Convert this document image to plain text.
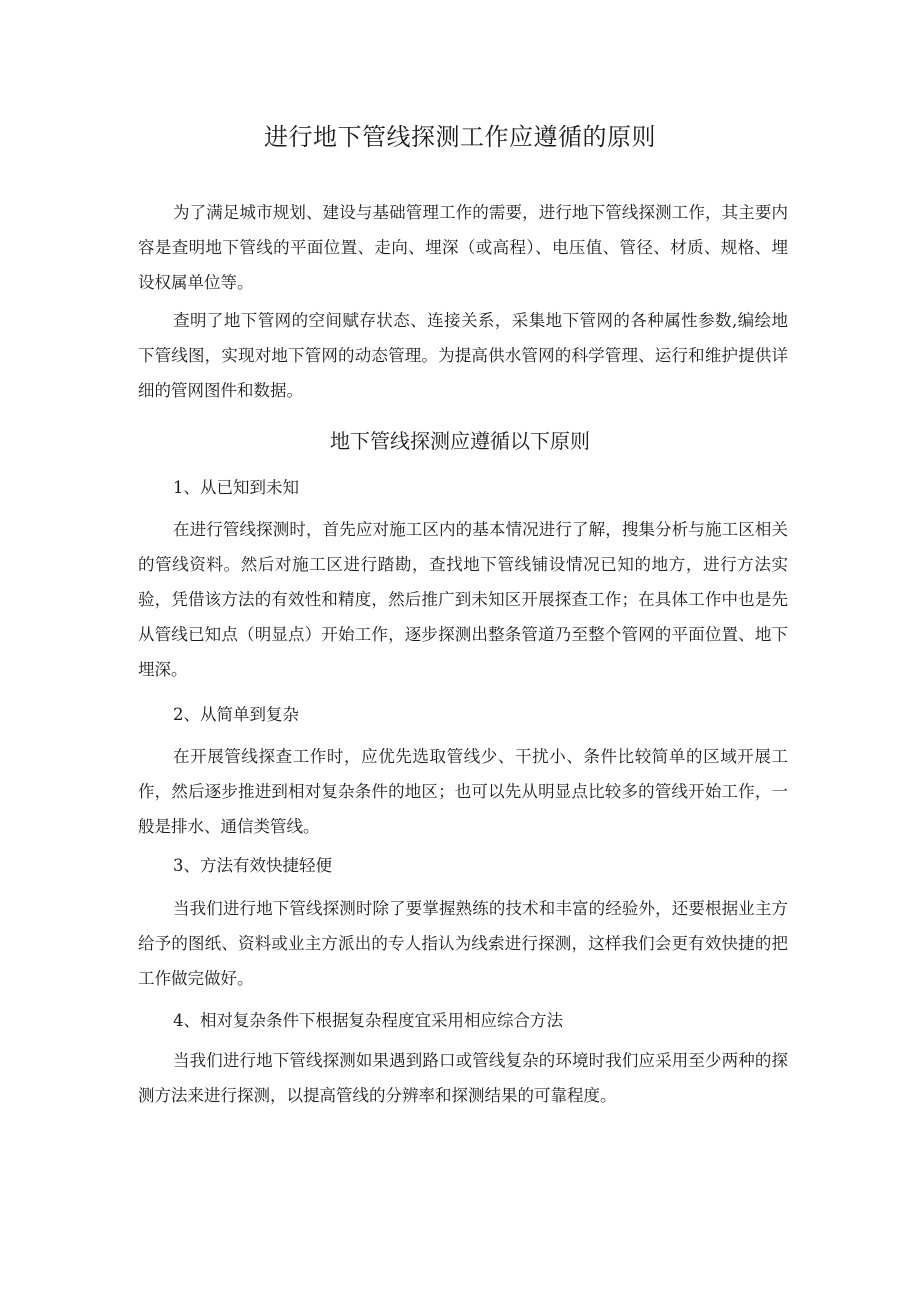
进行地下管线探测工作应遵循的原则

为了满足城市规划、建设与基础管理工作的需要，进行地下管线探测工作，其主要内容是查明地下管线的平面位置、走向、埋深（或高程）、电压值、管径、材质、规格、埋设权属单位等。

查明了地下管网的空间赋存状态、连接关系，采集地下管网的各种属性参数,编绘地下管线图，实现对地下管网的动态管理。为提高供水管网的科学管理、运行和维护提供详细的管网图件和数据。

地下管线探测应遵循以下原则

1、从已知到未知

在进行管线探测时，首先应对施工区内的基本情况进行了解，搜集分析与施工区相关的管线资料。然后对施工区进行踏勘，查找地下管线铺设情况已知的地方，进行方法实验，凭借该方法的有效性和精度，然后推广到未知区开展探查工作；在具体工作中也是先从管线已知点（明显点）开始工作，逐步探测出整条管道乃至整个管网的平面位置、地下埋深。

2、从简单到复杂

在开展管线探查工作时，应优先选取管线少、干扰小、条件比较简单的区域开展工作，然后逐步推进到相对复杂条件的地区；也可以先从明显点比较多的管线开始工作，一般是排水、通信类管线。

3、方法有效快捷轻便

当我们进行地下管线探测时除了要掌握熟练的技术和丰富的经验外，还要根据业主方给予的图纸、资料或业主方派出的专人指认为线索进行探测，这样我们会更有效快捷的把工作做完做好。

4、相对复杂条件下根据复杂程度宜采用相应综合方法

当我们进行地下管线探测如果遇到路口或管线复杂的环境时我们应采用至少两种的探测方法来进行探测，以提高管线的分辨率和探测结果的可靠程度。
